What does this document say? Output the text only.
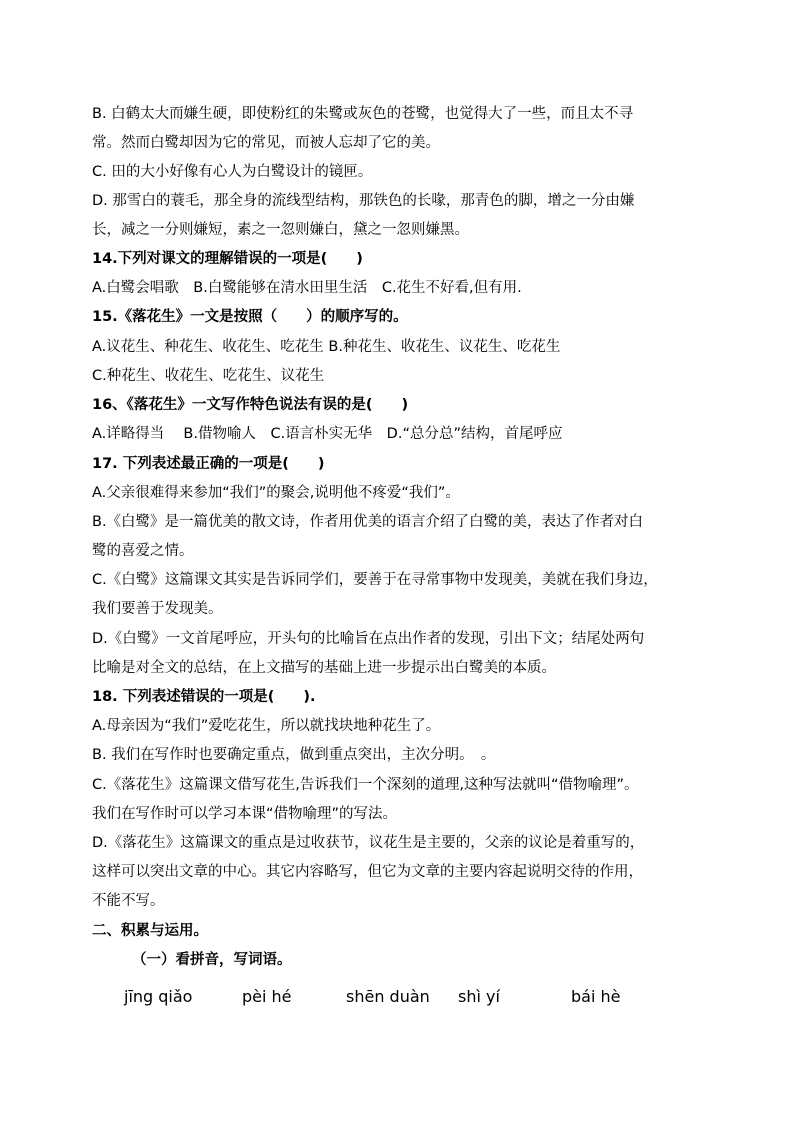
B. 白鹤太大而嫌生硬，即使粉红的朱鹭或灰色的苍鹭，也觉得大了一些，而且太不寻
常。然而白鹭却因为它的常见，而被人忘却了它的美。
C. 田的大小好像有心人为白鹭设计的镜匣。
D. 那雪白的蓑毛，那全身的流线型结构，那铁色的长喙，那青色的脚，增之一分由嫌
长，减之一分则嫌短，素之一忽则嫌白，黛之一忽则嫌黑。
14.下列对课文的理解错误的一项是(　　)
A.白鹭会唱歌　B.白鹭能够在清水田里生活　C.花生不好看,但有用.
15.《落花生》一文是按照（　　）的顺序写的。
A.议花生、种花生、收花生、吃花生 B.种花生、收花生、议花生、吃花生
C.种花生、收花生、吃花生、议花生
16、《落花生》一文写作特色说法有误的是(　　)
A.详略得当　 B.借物喻人　C.语言朴实无华　D.“总分总”结构，首尾呼应
17. 下列表述最正确的一项是(　　)
A.父亲很难得来参加“我们”的聚会,说明他不疼爱“我们”。
B.《白鹭》是一篇优美的散文诗，作者用优美的语言介绍了白鹭的美，表达了作者对白
鹭的喜爱之情。
C.《白鹭》这篇课文其实是告诉同学们，要善于在寻常事物中发现美，美就在我们身边，
我们要善于发现美。
D.《白鹭》一文首尾呼应，开头句的比喻旨在点出作者的发现，引出下文；结尾处两句
比喻是对全文的总结，在上文描写的基础上进一步提示出白鹭美的本质。
18. 下列表述错误的一项是(　　).
A.母亲因为“我们”爱吃花生，所以就找块地种花生了。
B. 我们在写作时也要确定重点，做到重点突出，主次分明。　。
C.《落花生》这篇课文借写花生,告诉我们一个深刻的道理,这种写法就叫“借物喻理”。
我们在写作时可以学习本课“借物喻理”的写法。
D.《落花生》这篇课文的重点是过收获节，议花生是主要的，父亲的议论是着重写的，
这样可以突出文章的中心。其它内容略写，但它为文章的主要内容起说明交待的作用，
不能不写。
二、积累与运用。
（一）看拼音，写词语。
jīng qiǎo	pèi hé	shēn duàn shì yí	bái hè
